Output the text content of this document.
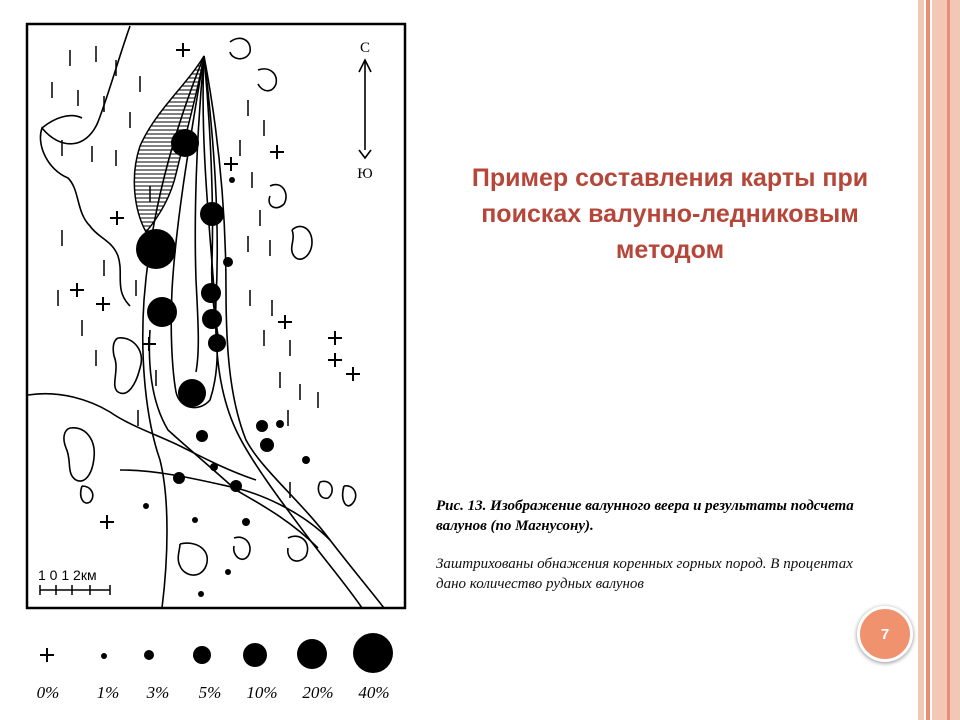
С
Ю
1 0 1 2км
0% 1% 3% 5% 10% 20% 40%
Пример составления карты при поисках валунно-ледниковым методом
Рис. 13. Изображение валунного веера и результаты подсчета валунов (по Магнусону).
Заштрихованы обнажения коренных горных пород. В процентах дано количество рудных валунов
7
